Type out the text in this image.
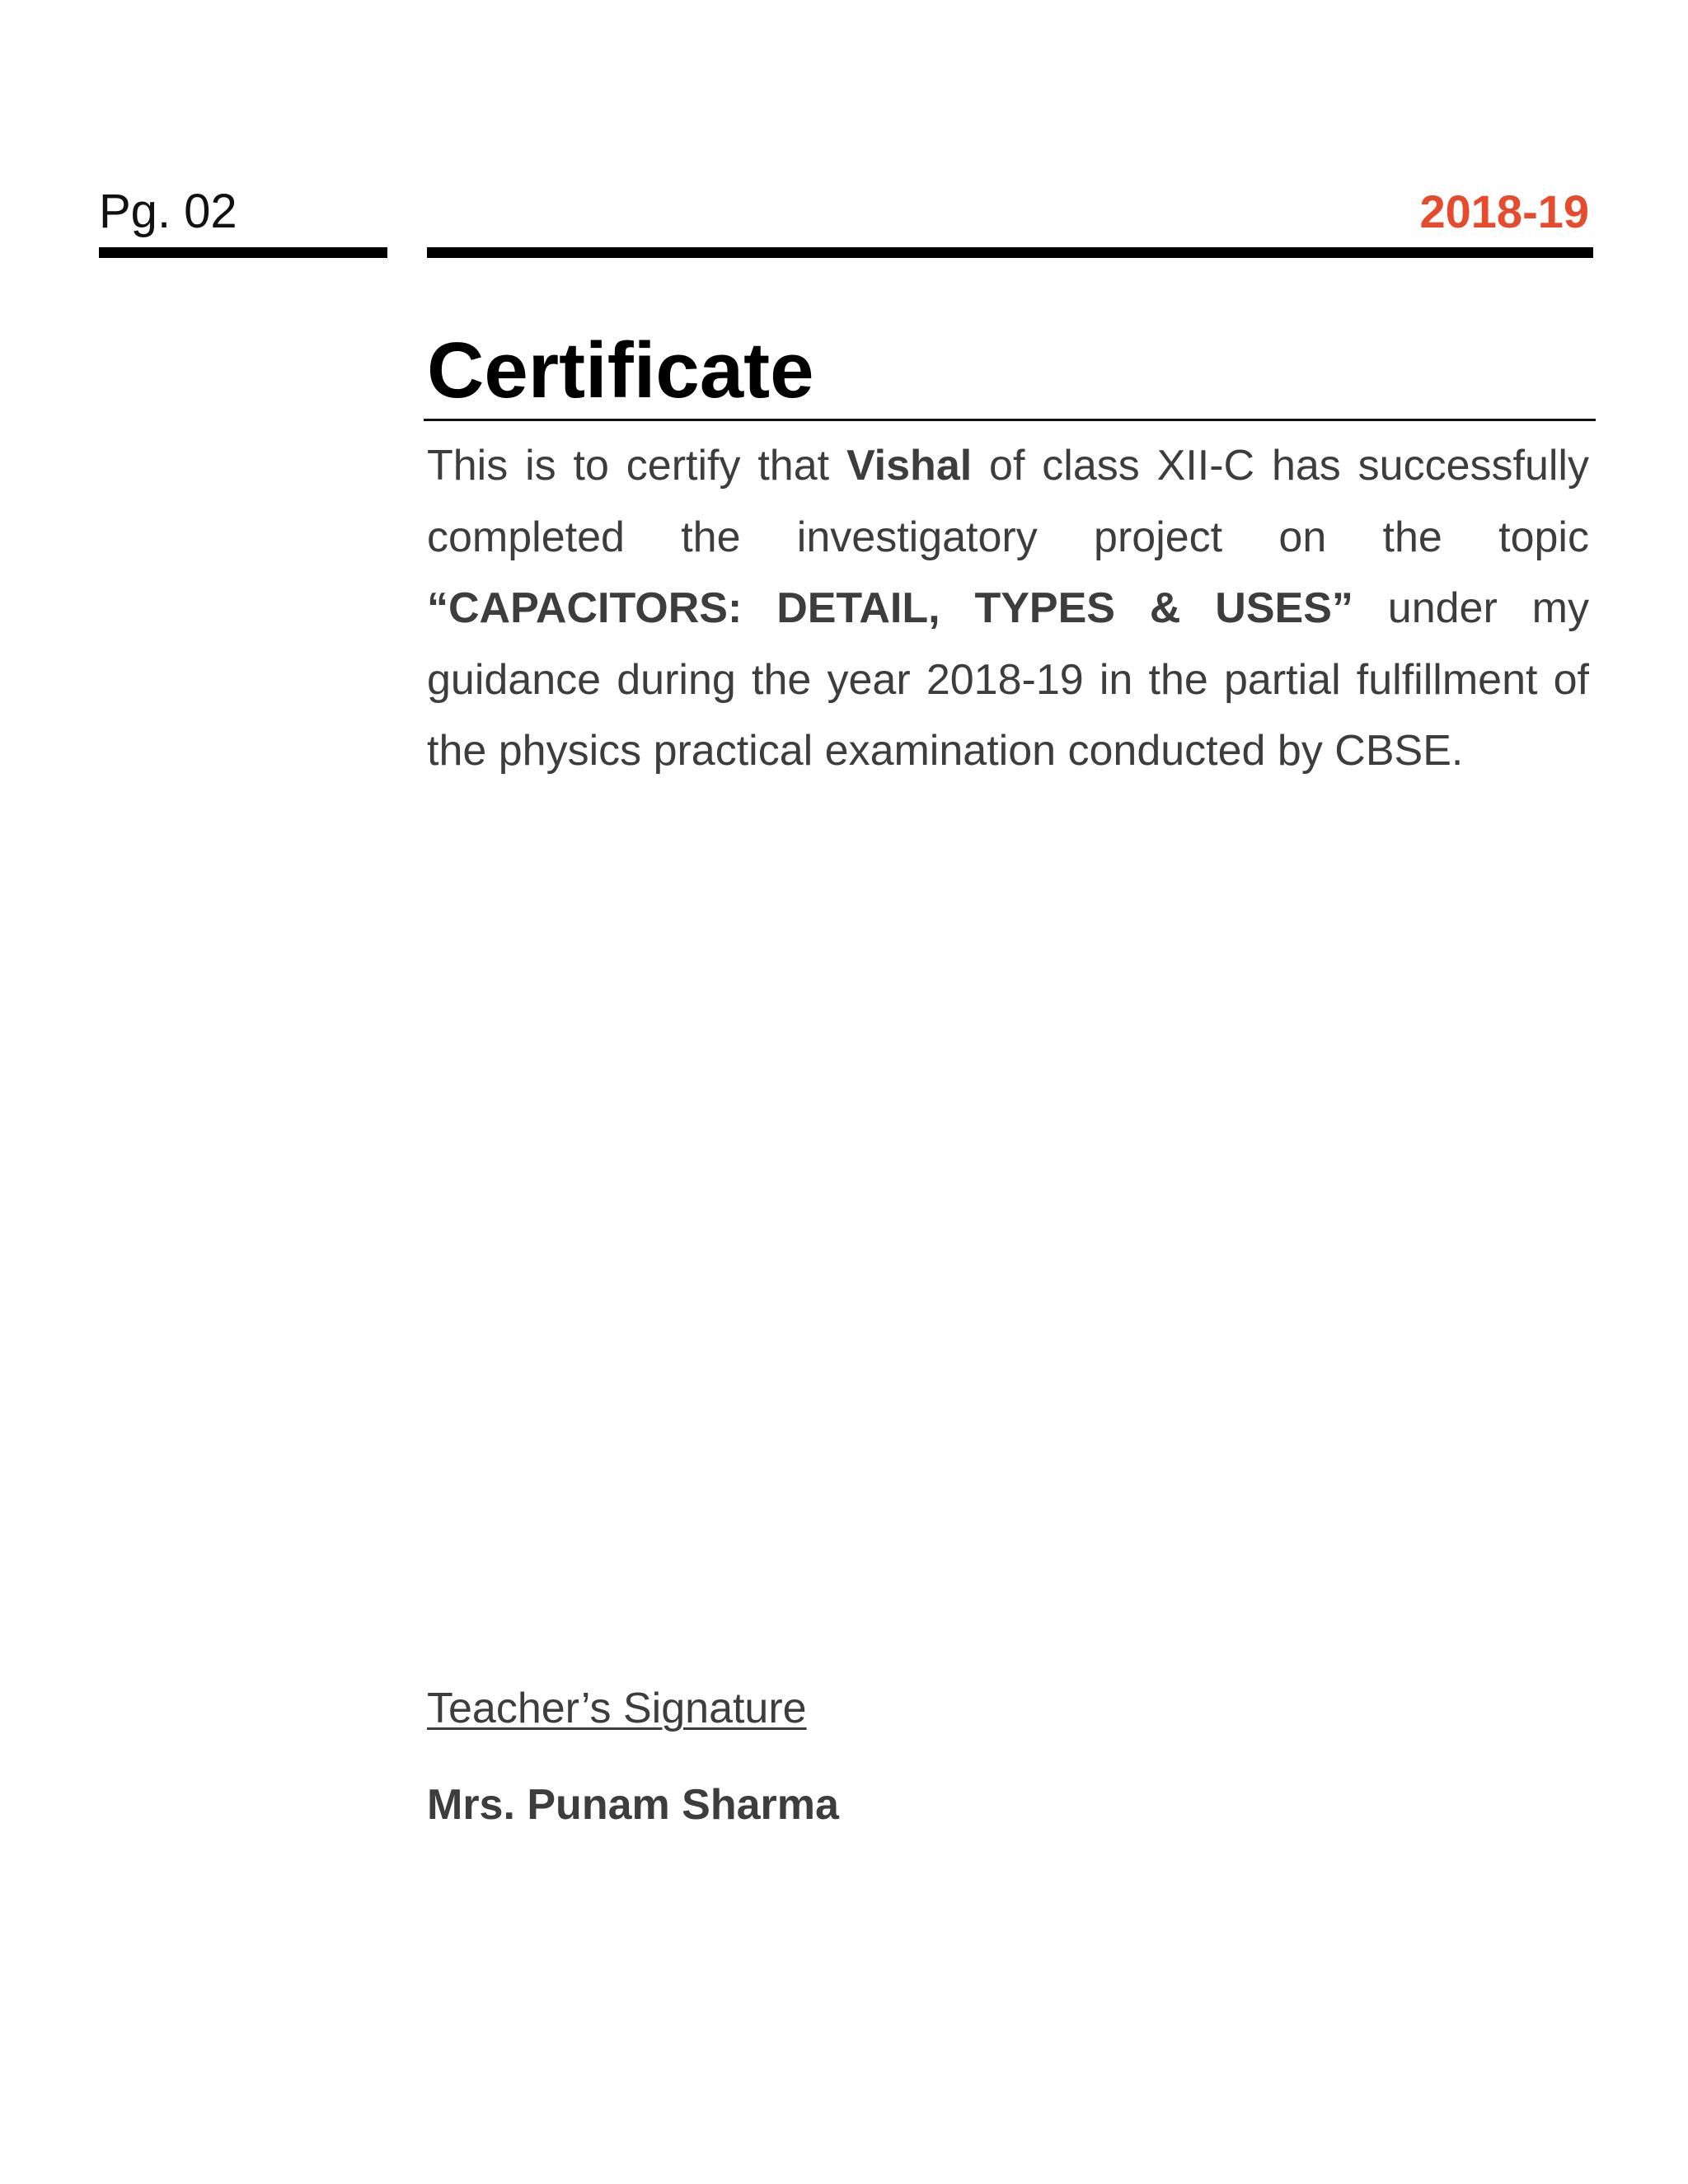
Pg. 02	2018-19
Certificate

This is to certify that Vishal of class XII-C has successfully completed the investigatory project on the topic “CAPACITORS: DETAIL, TYPES & USES” under my guidance during the year 2018-19 in the partial fulfillment of the physics practical examination conducted by CBSE.

Teacher’s Signature
Mrs. Punam Sharma
